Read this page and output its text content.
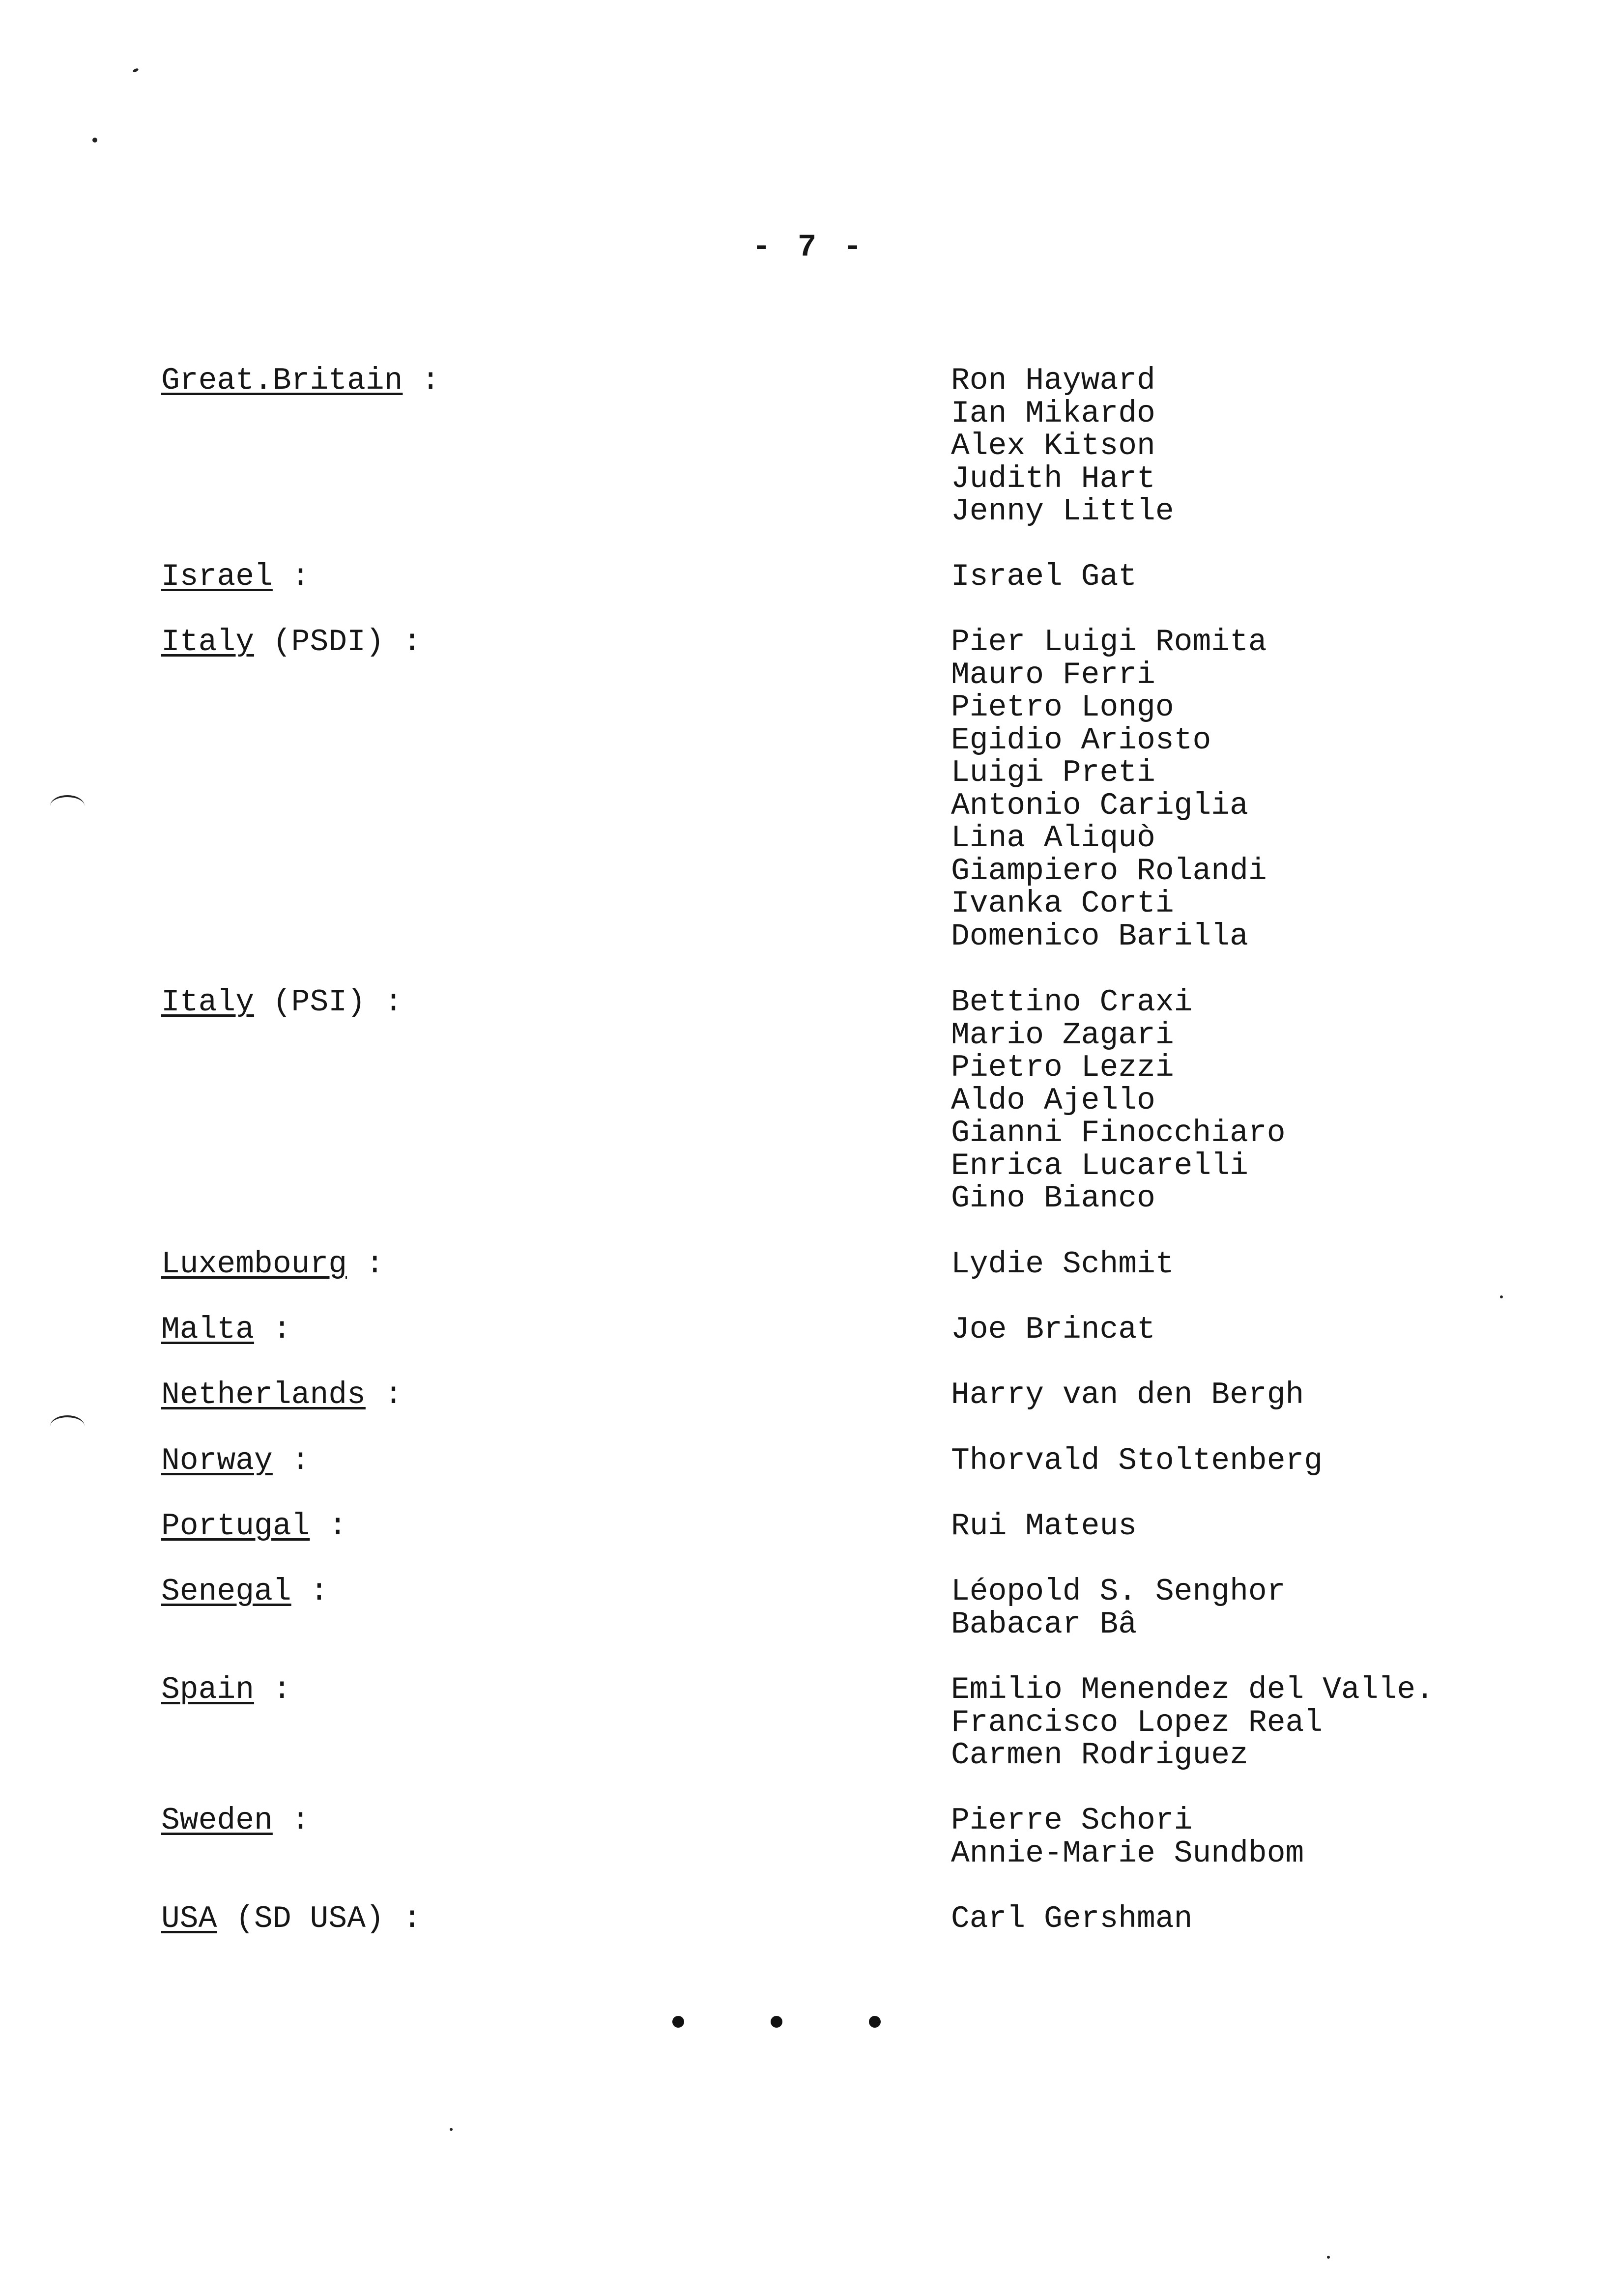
- 7 -
Great.Britain :	Ron Hayward
Ian Mikardo
Alex Kitson
Judith Hart
Jenny Little
Israel :	Israel Gat
Italy (PSDI) :	Pier Luigi Romita
Mauro Ferri
Pietro Longo
Egidio Ariosto
Luigi Preti
Antonio Cariglia
Lina Aliquò
Giampiero Rolandi
Ivanka Corti
Domenico Barilla
Italy (PSI) :	Bettino Craxi
Mario Zagari
Pietro Lezzi
Aldo Ajello
Gianni Finocchiaro
Enrica Lucarelli
Gino Bianco
Luxembourg :	Lydie Schmit
Malta :	Joe Brincat
Netherlands :	Harry van den Bergh
Norway :	Thorvald Stoltenberg
Portugal :	Rui Mateus
Senegal :	Léopold S. Senghor
Babacar Bâ
Spain :	Emilio Menendez del Valle.
Francisco Lopez Real
Carmen Rodriguez
Sweden :	Pierre Schori
Annie-Marie Sundbom
USA (SD USA) :	Carl Gershman
